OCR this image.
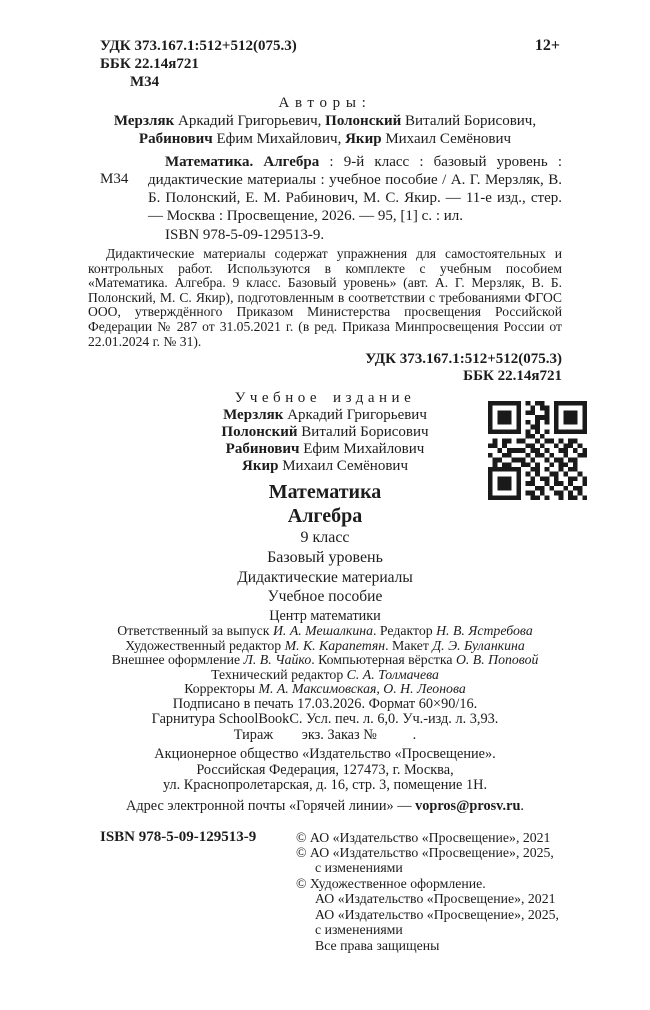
УДК 373.167.1:512+512(075.3)
ББК 22.14я721
М34
12+
Авторы:
Мерзляк Аркадий Григорьевич, Полонский Виталий Борисович,
Рабинович Ефим Михайлович, Якир Михаил Семёнович
М34

Математика. Алгебра : 9-й класс : базовый уровень : дидактические материалы : учебное пособие / А. Г. Мерзляк, В. Б. Полонский, Е. М. Рабинович, М. С. Якир. — 11-е изд., стер. — Москва : Просвещение, 2026. — 95, [1] с. : ил.

ISBN 978-5-09-129513-9.

Дидактические материалы содержат упражнения для самостоятельных и контрольных работ. Используются в комплекте с учебным пособием «Математика. Алгебра. 9 класс. Базовый уровень» (авт. А. Г. Мерзляк, В. Б. Полонский, М. С. Якир), подготовленным в соответствии с требованиями ФГОС ООО, утверждённого Приказом Министерства просвещения Российской Федерации № 287 от 31.05.2021 г. (в ред. Приказа Минпросвещения России от 22.01.2024 г. № 31).

УДК 373.167.1:512+512(075.3)
ББК 22.14я721
Учебное издание
Мерзляк Аркадий Григорьевич
Полонский Виталий Борисович
Рабинович Ефим Михайлович
Якир Михаил Семёнович
Математика
Алгебра
9 класс
Базовый уровень
Дидактические материалы
Учебное пособие
Центр математики
Ответственный за выпуск И. А. Мешалкина. Редактор Н. В. Ястребова
Художественный редактор М. К. Карапетян. Макет Д. Э. Буланкина
Внешнее оформление Л. В. Чайко. Компьютерная вёрстка О. В. Поповой
Технический редактор С. А. Толмачева
Корректоры М. А. Максимовская, О. Н. Леонова
Подписано в печать 17.03.2026. Формат 60×90/16.
Гарнитура SchoolBookC. Усл. печ. л. 6,0. Уч.-изд. л. 3,93.
Тираж        экз. Заказ №          .
Акционерное общество «Издательство «Просвещение».
Российская Федерация, 127473, г. Москва,
ул. Краснопролетарская, д. 16, стр. 3, помещение 1Н.
Адрес электронной почты «Горячей линии» — vopros@prosv.ru.
ISBN 978-5-09-129513-9	© АО «Издательство «Просвещение», 2021
© АО «Издательство «Просвещение», 2025,
с изменениями
© Художественное оформление.
АО «Издательство «Просвещение», 2021
АО «Издательство «Просвещение», 2025,
с изменениями
Все права защищены
